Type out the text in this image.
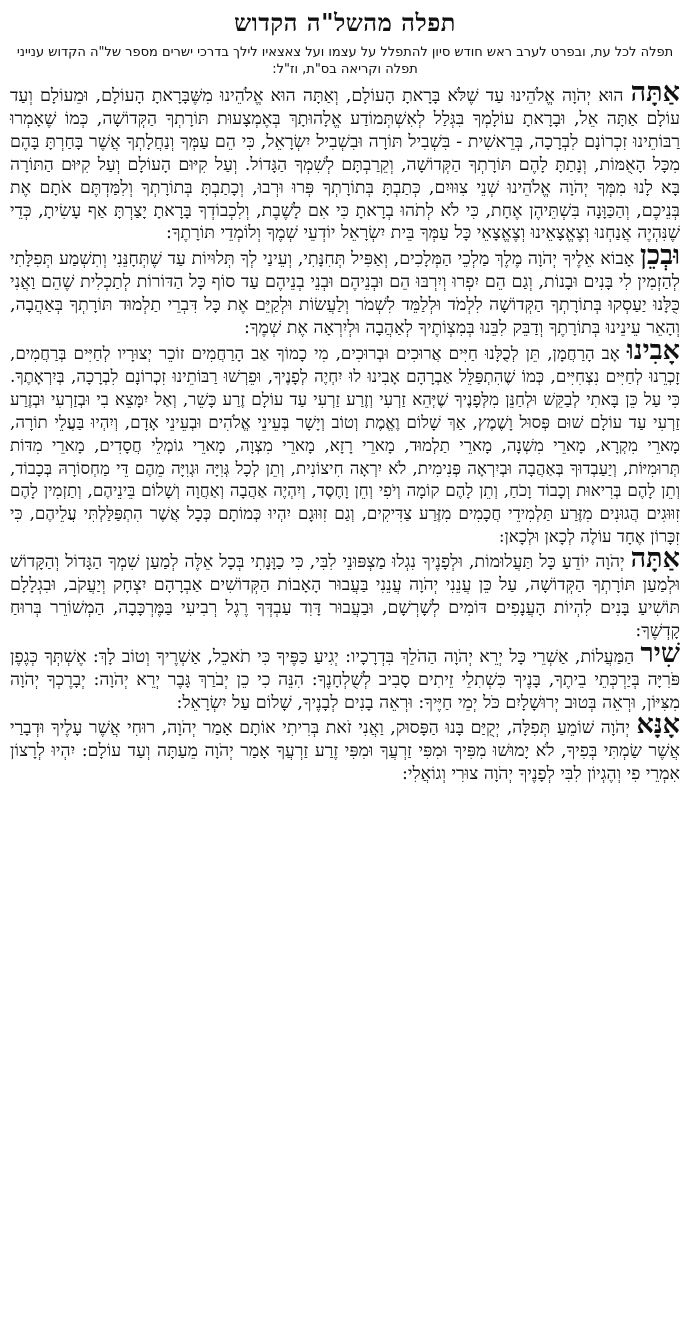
תפלה מהשל"ה הקדוש
תפלה לכל עת, ובפרט לערב ראש חודש סיון להתפלל על עצמו ועל צאצאיו לילך בדרכי ישרים מספר של"ה הקדוש ענייני תפלה וקריאה בס"ת, וז"ל:

אַתָּה הוּא יְהֹוָה אֱלֹהֵינוּ עַד שֶׁלֹּא בָּרָאתָ הָעוֹלָם, וְאַתָּה הוּא אֱלֹהֵינוּ מִשֶּׁבָּרָאתָ הָעוֹלָם, וּמֵעוֹלָם וְעַד עוֹלָם אַתָּה אֵל, וּבָרָאתָ עוֹלָמְךָ בִּגְּלַל לְאִשְׁתְּמוֹדַע אֱלָהוּתָךְ בְּאֶמְצָעוּת תּוֹרָתְךָ הַקְּדוֹשָׁה, כְּמוֹ שֶׁאָמְרוּ רַבּוֹתֵינוּ זִכְרוֹנָם לִבְרָכָה, בְּרֵאשִׁית - בִּשְׁבִיל תּוֹרָה וּבִשְׁבִיל יִשְׂרָאֵל, כִּי הֵם עַמְּךָ וְנַחֲלָתְךָ אֲשֶׁר בָּחַרְתָּ בָּהֶם מִכָּל הָאֻמּוֹת, וְנָתַתָּ לָהֶם תּוֹרָתְךָ הַקְּדוֹשָׁה, וְקֵרַבְתָּם לְשִׁמְךָ הַגָּדוֹל. וְעַל קִיּוּם הָעוֹלָם וְעַל קִיּוּם הַתּוֹרָה בָּא לָנוּ מִמְּךָ יְהֹוָה אֱלֹהֵינוּ שְׁנֵי צִוּוּיִם, כְּתַבְתָּ בְּתוֹרָתְךָ פְּרוּ וּרְבוּ, וְכָתַבְתָּ בְּתוֹרָתְךָ וְלִמַּדְתֶּם אֹתָם אֶת בְּנֵיכֶם, וְהַכַּוָּנָה בִּשְׁתֵּיהֶן אֶחָת, כִּי לֹא לְתֹהוּ בְרָאתָ כִּי אִם לָשֶׁבֶת, וְלִכְבוֹדְךָ בָּרָאתָ יָצַרְתָּ אַף עָשִׂיתָ, כְּדֵי שֶׁנִּהְיֶה אֲנַחְנוּ וְצֶאֱצָאֵינוּ וְצֶאֱצָאֵי כָּל עַמְּךָ בֵּית יִשְׂרָאֵל יוֹדְעֵי שְׁמֶךָ וְלוֹמְדֵי תּוֹרָתֶךָ:

וּבְכֵן אָבוֹא אֵלֶיךָ יְהֹוָה מֶלֶךְ מַלְכֵי הַמְּלָכִים, וְאַפִּיל תְּחִנָּתִי, וְעֵינַי לְךָ תְּלוּיוֹת עַד שֶׁתְּחָנֵּנִי וְתִשְׁמַע תְּפִלָּתִי לְהַזְמִין לִי בָּנִים וּבָנוֹת, וְגַם הֵם יִפְרוּ וְיִרְבּוּ הֵם וּבְנֵיהֶם וּבְנֵי בְנֵיהֶם עַד סוֹף כָּל הַדּוֹרוֹת לְתַכְלִית שֶׁהֵם וַאֲנִי כֻּלָּנוּ יַעַסְקוּ בְּתוֹרָתְךָ הַקְּדוֹשָׁה לִלְמֹד וּלְלַמֵּד לִשְׁמֹר וְלַעֲשׂוֹת וּלְקַיֵּם אֶת כָּל דִּבְרֵי תַלְמוּד תּוֹרָתְךָ בְּאַהֲבָה, וְהָאֵר עֵינֵינוּ בְּתוֹרָתֶךָ וְדַבֵּק לִבֵּנוּ בְּמִצְוֹתֶיךָ לְאַהֲבָה וּלְיִרְאָה אֶת שְׁמֶךָ:

אָבִינוּ אָב הָרַחֲמָן, תֵּן לְכֻלָּנוּ חַיִּים אֲרוּכִים וּבְרוּכִים, מִי כָמוֹךָ אַב הָרַחֲמִים זוֹכֵר יְצוּרָיו לְחַיִּים בְּרַחֲמִים, זָכְרֵנוּ לְחַיִּים נִצְחִיִּים, כְּמוֹ שֶׁהִתְפַּלֵּל אַבְרָהָם אָבִינוּ לוּ יִחְיֶה לְפָנֶיךָ, וּפֵרְשׁוּ רַבּוֹתֵינוּ זִכְרוֹנָם לִבְרָכָה, בְּיִרְאָתֶךָ. כִּי עַל כֵּן בָּאתִי לְבַקֵּשׁ וּלְחַנֵּן מִלְּפָנֶיךָ שֶׁיְּהֵא זַרְעִי וְזֶרַע זַרְעִי עַד עוֹלָם זֶרַע כָּשֵׁר, וְאַל יִמָּצֵא בִי וּבְזַרְעִי וּבְזֶרַע זַרְעִי עַד עוֹלָם שׁוּם פְּסוּל וָשֶׁמֶץ, אַךְ שָׁלוֹם וֶאֱמֶת וְטוֹב וְיָשָׁר בְּעֵינֵי אֱלֹהִים וּבְעֵינֵי אָדָם, וְיִהְיוּ בַּעֲלֵי תוֹרָה, מָארֵי מִקְרָא, מָארֵי מִשְׁנָה, מָארֵי תַלְמוּד, מָארֵי רָזָא, מָארֵי מִצְוָה, מָארֵי גוֹמְלֵי חֲסָדִים, מָארֵי מִדּוֹת תְּרוּמִיּוֹת, וְיַעַבְדוּךָ בְּאַהֲבָה וּבְיִרְאָה פְּנִימִית, לֹא יִרְאָה חִיצוֹנִית, וְתֵן לְכָל גְּוִיָּה וּגְוִיָּה מֵהֶם דֵּי מַחְסוֹרָהּ בְּכָבוֹד, וְתֵן לָהֶם בְּרִיאוּת וְכָבוֹד וָכֹחַ, וְתֵן לָהֶם קוֹמָה וְיֹפִי וְחֵן וָחֶסֶד, וְיִהְיֶה אַהֲבָה וְאַחֲוָה וְשָׁלוֹם בֵּינֵיהֶם, וְתַזְמִין לָהֶם זִוּוּגִים הֲגוּנִים מִזֶּרַע תַּלְמִידֵי חֲכָמִים מִזֶּרַע צַדִּיקִים, וְגַם זִוּוּגָם יִהְיוּ כְּמוֹתָם כְּכָל אֲשֶׁר הִתְפַּלַּלְתִּי עֲלֵיהֶם, כִּי זִכָּרוֹן אֶחָד עוֹלֶה לְכָאן וּלְכָאן:

אַתָּה יְהֹוָה יוֹדֵעַ כָּל תַּעֲלוּמוֹת, וּלְפָנֶיךָ נִגְלוּ מַצְפּוּנֵי לִבִּי, כִּי כַוָּנָתִי בְּכָל אֵלֶּה לְמַעַן שִׁמְךָ הַגָּדוֹל וְהַקָּדוֹשׁ וּלְמַעַן תּוֹרָתְךָ הַקְּדוֹשָׁה, עַל כֵּן עֲנֵנִי יְהֹוָה עֲנֵנִי בַּעֲבוּר הָאָבוֹת הַקְּדוֹשִׁים אַבְרָהָם יִצְחָק וְיַעֲקֹב, וּבִגְלָלָם תּוֹשִׁיעַ בָּנִים לִהְיוֹת הָעֲנָפִים דּוֹמִים לְשָׁרְשָׁם, וּבַעֲבוּר דָּוִד עַבְדְּךָ רֶגֶל רְבִיעִי בַּמֶּרְכָּבָה, הַמְשׁוֹרֵר בְּרוּחַ קָדְשֶׁךָ:

שִׁיר הַמַּעֲלוֹת, אַשְׁרֵי כָּל יְרֵא יְהֹוָה הַהֹלֵךְ בִּדְרָכָיו: יְגִיעַ כַּפֶּיךָ כִּי תֹאכֵל, אַשְׁרֶיךָ וְטוֹב לָךְ: אֶשְׁתְּךָ כְּגֶפֶן פֹּרִיָּה בְּיַרְכְּתֵי בֵיתֶךָ, בָּנֶיךָ כִּשְׁתִלֵי זֵיתִים סָבִיב לְשֻׁלְחָנֶךָ: הִנֵּה כִי כֵן יְבֹרַךְ גָּבֶר יְרֵא יְהֹוָה: יְבָרֶכְךָ יְהֹוָה מִצִּיּוֹן, וּרְאֵה בְּטוּב יְרוּשָׁלָיִם כֹּל יְמֵי חַיֶּיךָ: וּרְאֵה בָנִים לְבָנֶיךָ, שָׁלוֹם עַל יִשְׂרָאֵל:

אָנָּא יְהֹוָה שׁוֹמֵעַ תְּפִלָּה, יְקֻיַּם בָּנוּ הַפָּסוּק, וַאֲנִי זֹאת בְּרִיתִי אוֹתָם אָמַר יְהֹוָה, רוּחִי אֲשֶׁר עָלֶיךָ וּדְבָרַי אֲשֶׁר שַׂמְתִּי בְּפִיךָ, לֹא יָמוּשׁוּ מִפִּיךָ וּמִפִּי זַרְעֲךָ וּמִפִּי זֶרַע זַרְעֲךָ אָמַר יְהֹוָה מֵעַתָּה וְעַד עוֹלָם: יִהְיוּ לְרָצוֹן אִמְרֵי פִי וְהֶגְיוֹן לִבִּי לְפָנֶיךָ יְהֹוָה צוּרִי וְגוֹאֲלִי:
